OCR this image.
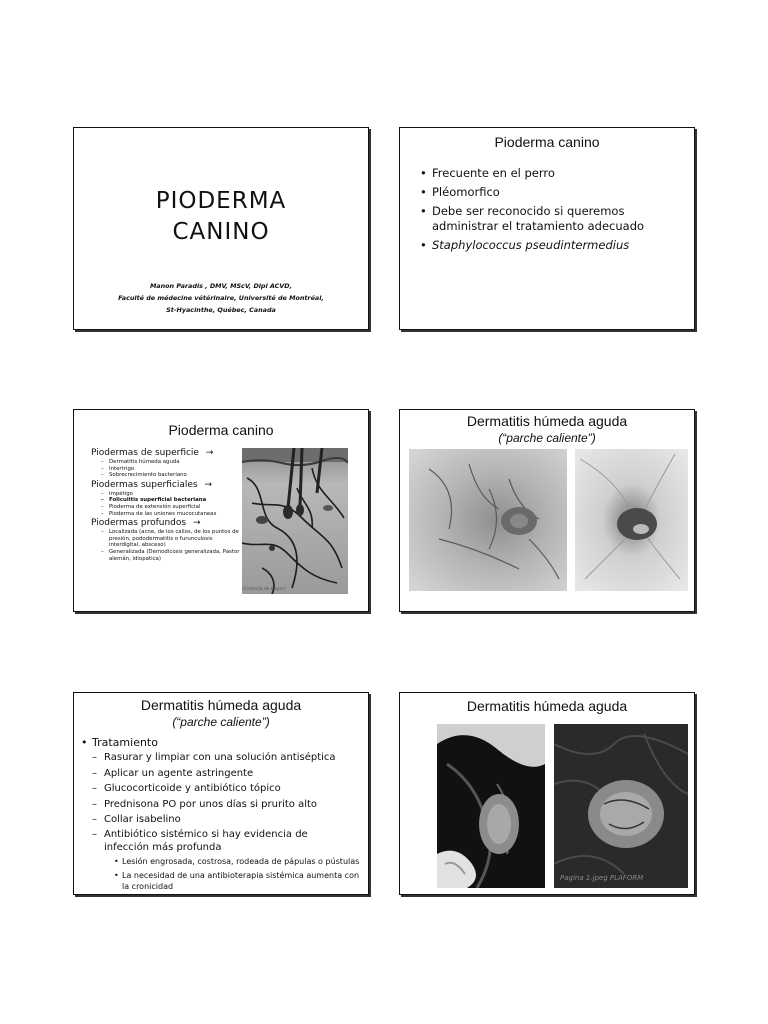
PIODERMA
CANINO
Manon Paradis , DMV, MScV, Dipl ACVD,
Faculté de médecine vétérinaire, Université de Montréal,
St-Hyacinthe, Québec, Canada
Pioderma canino
• Frecuente en el perro
• Pléomorfico
• Debe ser reconocido si queremos administrar el tratamiento adecuado
• Staphylococcus pseudintermedius
Pioderma canino
Piodermas de superficie →
– Dermatitis húmeda aguda
– Intertrigo
– Sobrecrecimiento bacteriano
Piodermas superficiales →
– Impétigo
– Foliculitis superficial bacteriana
– Pioderma de extensión superficial
– Pioderma de las uniones mucocutaneas
Piodermas profundos →
– Localizada (acne, de los callos, de los puntos de presión, pododermatitis o furunculosis interdigital, absceso)
– Generalizada (Demodicosis generalizada, Pastor alemán, idiopatica)
(Cortesía de Bayer)
Dermatitis húmeda aguda
(“parche caliente”)
Dermatitis húmeda aguda
(“parche caliente”)
• Tratamiento
– Rasurar y limpiar con una solución antiséptica
– Aplicar un agente astringente
– Glucocorticoide y antibiótico tópico
– Prednisona PO por unos días si prurito alto
– Collar isabelino
– Antibiótico sistémico si hay evidencia de infección más profunda
• Lesión engrosada, costrosa, rodeada de pápulas o pústulas
• La necesidad de una antibioterapia sistémica aumenta con la cronicidad
Dermatitis húmeda aguda
Pagina 1.jpeg PLAFORM
